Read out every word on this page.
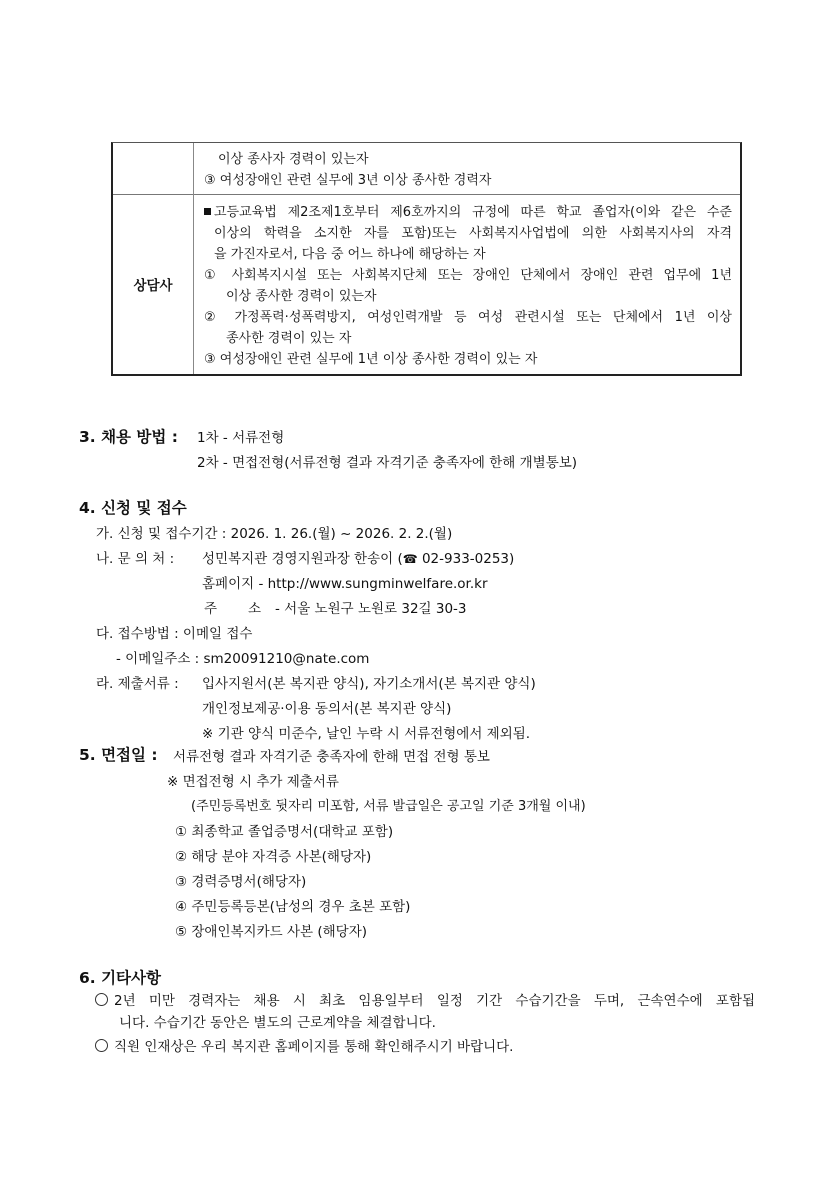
이상 종사자 경력이 있는자
③ 여성장애인 관련 실무에 3년 이상 종사한 경력자
상담사
고등교육법 제2조제1호부터 제6호까지의 규정에 따른 학교 졸업자(이와 같은 수준
이상의 학력을 소지한 자를 포함)또는 사회복지사업법에 의한 사회복지사의 자격
을 가진자로서, 다음 중 어느 하나에 해당하는 자
① 사회복지시설 또는 사회복지단체 또는 장애인 단체에서 장애인 관련 업무에 1년
이상 종사한 경력이 있는자
② 가정폭력·성폭력방지, 여성인력개발 등 여성 관련시설 또는 단체에서 1년 이상
종사한 경력이 있는 자
③ 여성장애인 관련 실무에 1년 이상 종사한 경력이 있는 자
3. 채용 방법 : 1차 - 서류전형
2차 - 면접전형(서류전형 결과 자격기준 충족자에 한해 개별통보)
4. 신청 및 접수
가. 신청 및 접수기간 : 2026. 1. 26.(월) ~ 2026. 2. 2.(월)
나. 문 의 처 : 성민복지관 경영지원과장 한송이 (☎ 02-933-0253)
홈페이지 - http://www.sungminwelfare.or.kr
주 소 - 서울 노원구 노원로 32길 30-3
다. 접수방법 : 이메일 접수
- 이메일주소 : sm20091210@nate.com
라. 제출서류 : 입사지원서(본 복지관 양식), 자기소개서(본 복지관 양식)
개인정보제공·이용 동의서(본 복지관 양식)
※ 기관 양식 미준수, 날인 누락 시 서류전형에서 제외됨.
5. 면접일 : 서류전형 결과 자격기준 충족자에 한해 면접 전형 통보
※ 면접전형 시 추가 제출서류
(주민등록번호 뒷자리 미포함, 서류 발급일은 공고일 기준 3개월 이내)
① 최종학교 졸업증명서(대학교 포함)
② 해당 분야 자격증 사본(해당자)
③ 경력증명서(해당자)
④ 주민등록등본(남성의 경우 초본 포함)
⑤ 장애인복지카드 사본 (해당자)
6. 기타사항
2년 미만 경력자는 채용 시 최초 임용일부터 일정 기간 수습기간을 두며, 근속연수에 포함됩
니다. 수습기간 동안은 별도의 근로계약을 체결합니다.
직원 인재상은 우리 복지관 홈페이지를 통해 확인해주시기 바랍니다.
